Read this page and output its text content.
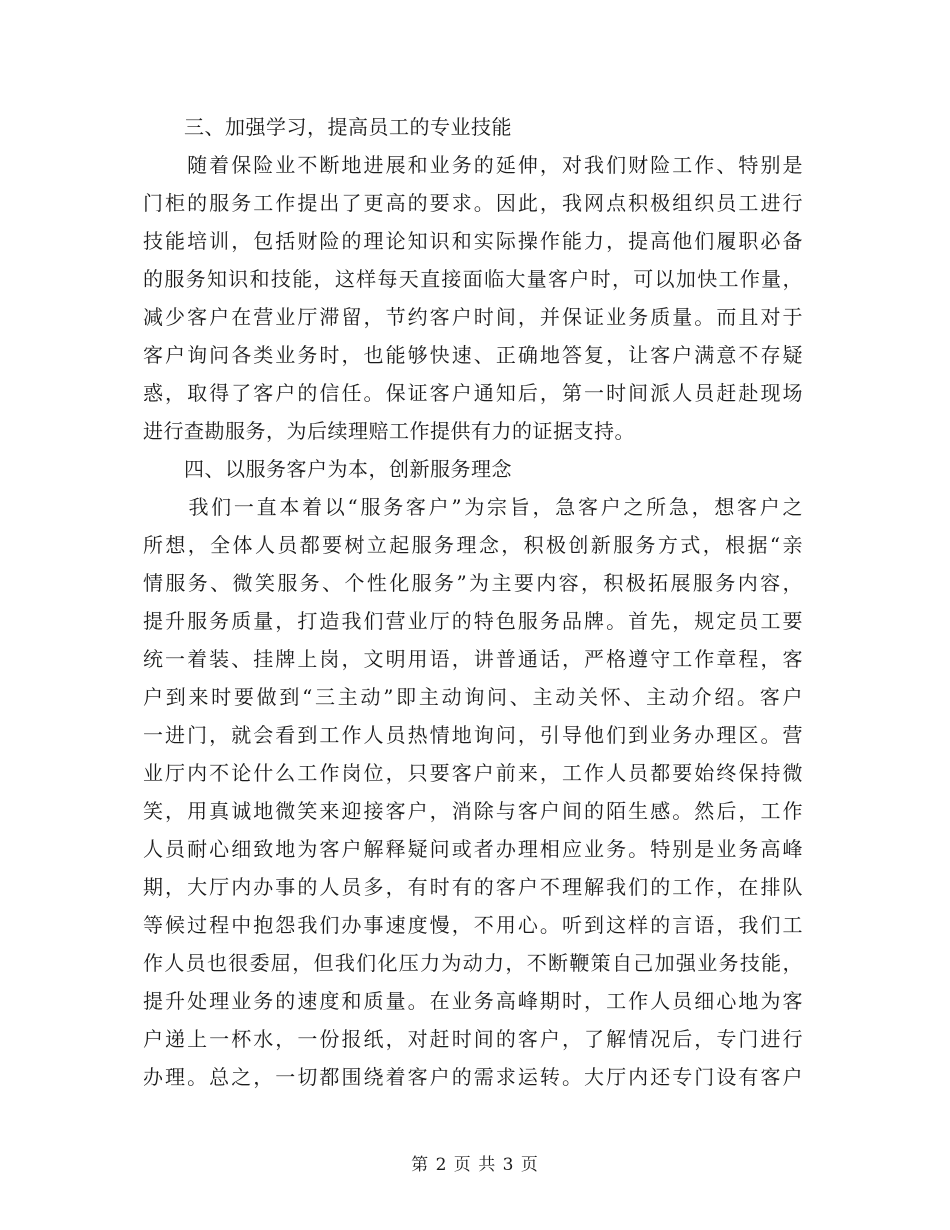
　　三、加强学习，提高员工的专业技能
　　随着保险业不断地进展和业务的延伸，对我们财险工作、特别是
门柜的服务工作提出了更高的要求。因此，我网点积极组织员工进行
技能培训，包括财险的理论知识和实际操作能力，提高他们履职必备
的服务知识和技能，这样每天直接面临大量客户时，可以加快工作量，
减少客户在营业厅滞留，节约客户时间，并保证业务质量。而且对于
客户询问各类业务时，也能够快速、正确地答复，让客户满意不存疑
惑，取得了客户的信任。保证客户通知后，第一时间派人员赶赴现场
进行查勘服务，为后续理赔工作提供有力的证据支持。
　　四、以服务客户为本，创新服务理念
　　我们一直本着以“服务客户”为宗旨，急客户之所急，想客户之
所想，全体人员都要树立起服务理念，积极创新服务方式，根据“亲
情服务、微笑服务、个性化服务”为主要内容，积极拓展服务内容，
提升服务质量，打造我们营业厅的特色服务品牌。首先，规定员工要
统一着装、挂牌上岗，文明用语，讲普通话，严格遵守工作章程，客
户到来时要做到“三主动”即主动询问、主动关怀、主动介绍。客户
一进门，就会看到工作人员热情地询问，引导他们到业务办理区。营
业厅内不论什么工作岗位，只要客户前来，工作人员都要始终保持微
笑，用真诚地微笑来迎接客户，消除与客户间的陌生感。然后，工作
人员耐心细致地为客户解释疑问或者办理相应业务。特别是业务高峰
期，大厅内办事的人员多，有时有的客户不理解我们的工作，在排队
等候过程中抱怨我们办事速度慢，不用心。听到这样的言语，我们工
作人员也很委屈，但我们化压力为动力，不断鞭策自己加强业务技能，
提升处理业务的速度和质量。在业务高峰期时，工作人员细心地为客
户递上一杯水，一份报纸，对赶时间的客户，了解情况后，专门进行
办理。总之，一切都围绕着客户的需求运转。大厅内还专门设有客户
第 2 页 共 3 页
